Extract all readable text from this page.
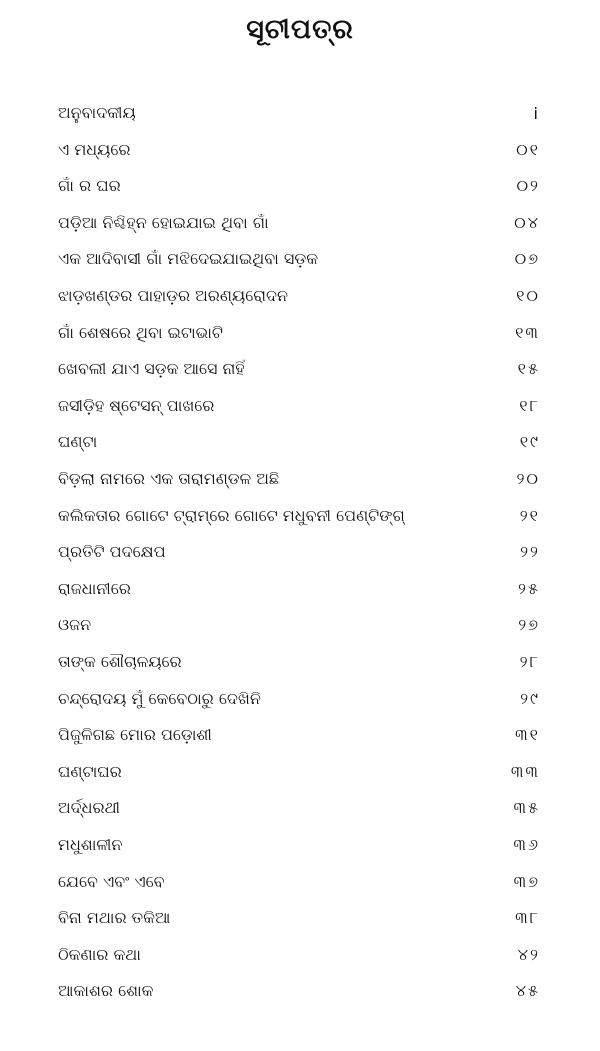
ସୂଚୀପତ୍ର
ଅନୁବାଦକୀୟ	i
ଏ ମଧ୍ୟରେ	୦୧
ଗାଁ ର ଘର	୦୨
ପଡ଼ିଆ ନିଶ୍ଚିହ୍ନ ହୋଇଯାଇ ଥିବା ଗାଁ	୦୪
ଏକ ଆଦିବାସୀ ଗାଁ ମଝିଦେଇଯାଇଥିବା ସଡ଼କ	୦୭
ଝାଡ଼ଖଣ୍ଡର ପାହାଡ଼ର ଅରଣ୍ୟରୋଦନ	୧୦
ଗାଁ ଶେଷରେ ଥିବା ଇଟାଭାଟି	୧୩
ଖେବଲୀ ଯାଏ ସଡ଼କ ଆସେ ନାହିଁ	୧୫
ଜସୀଡ଼ିହ ଷ୍ଟେସନ୍ ପାଖରେ	୧୮
ଘଣ୍ଟା	୧୯
ବିଡ଼ଲା ନାମରେ ଏକ ତାରାମଣ୍ଡଳ ଅଛି	୨୦
କଲିକତାର ଗୋଟେ ଟ୍ରାମ୍‌ରେ ଗୋଟେ ମଧୁବନୀ ପେଣ୍ଟିଙ୍ଗ୍	୨୧
ପ୍ରତିଟି ପଦକ୍ଷେପ	୨୨
ରାଜଧାନୀରେ	୨୫
ଓଜନ	୨୭
ତାଙ୍କ ଶୌଚାଳୟରେ	୨୮
ଚନ୍ଦ୍ରୋଦୟ ମୁଁ କେବେଠାରୁ ଦେଖିନି	୨୯
ପିଜୁଳିଗଛ ମୋର ପଡ଼ୋଶୀ	୩୧
ଘଣ୍ଟାଘର	୩୩
ଅର୍ଦ୍ଧରଥୀ	୩୫
ମଧୁଶାଳୀନ	୩୬
ଯେବେ ଏବଂ ଏବେ	୩୭
ବିନା ମଥାର ତକିଆ	୩୮
ଠିକଣାର କଥା	୪୨
ଆକାଶର ଶୋକ	୪୫
